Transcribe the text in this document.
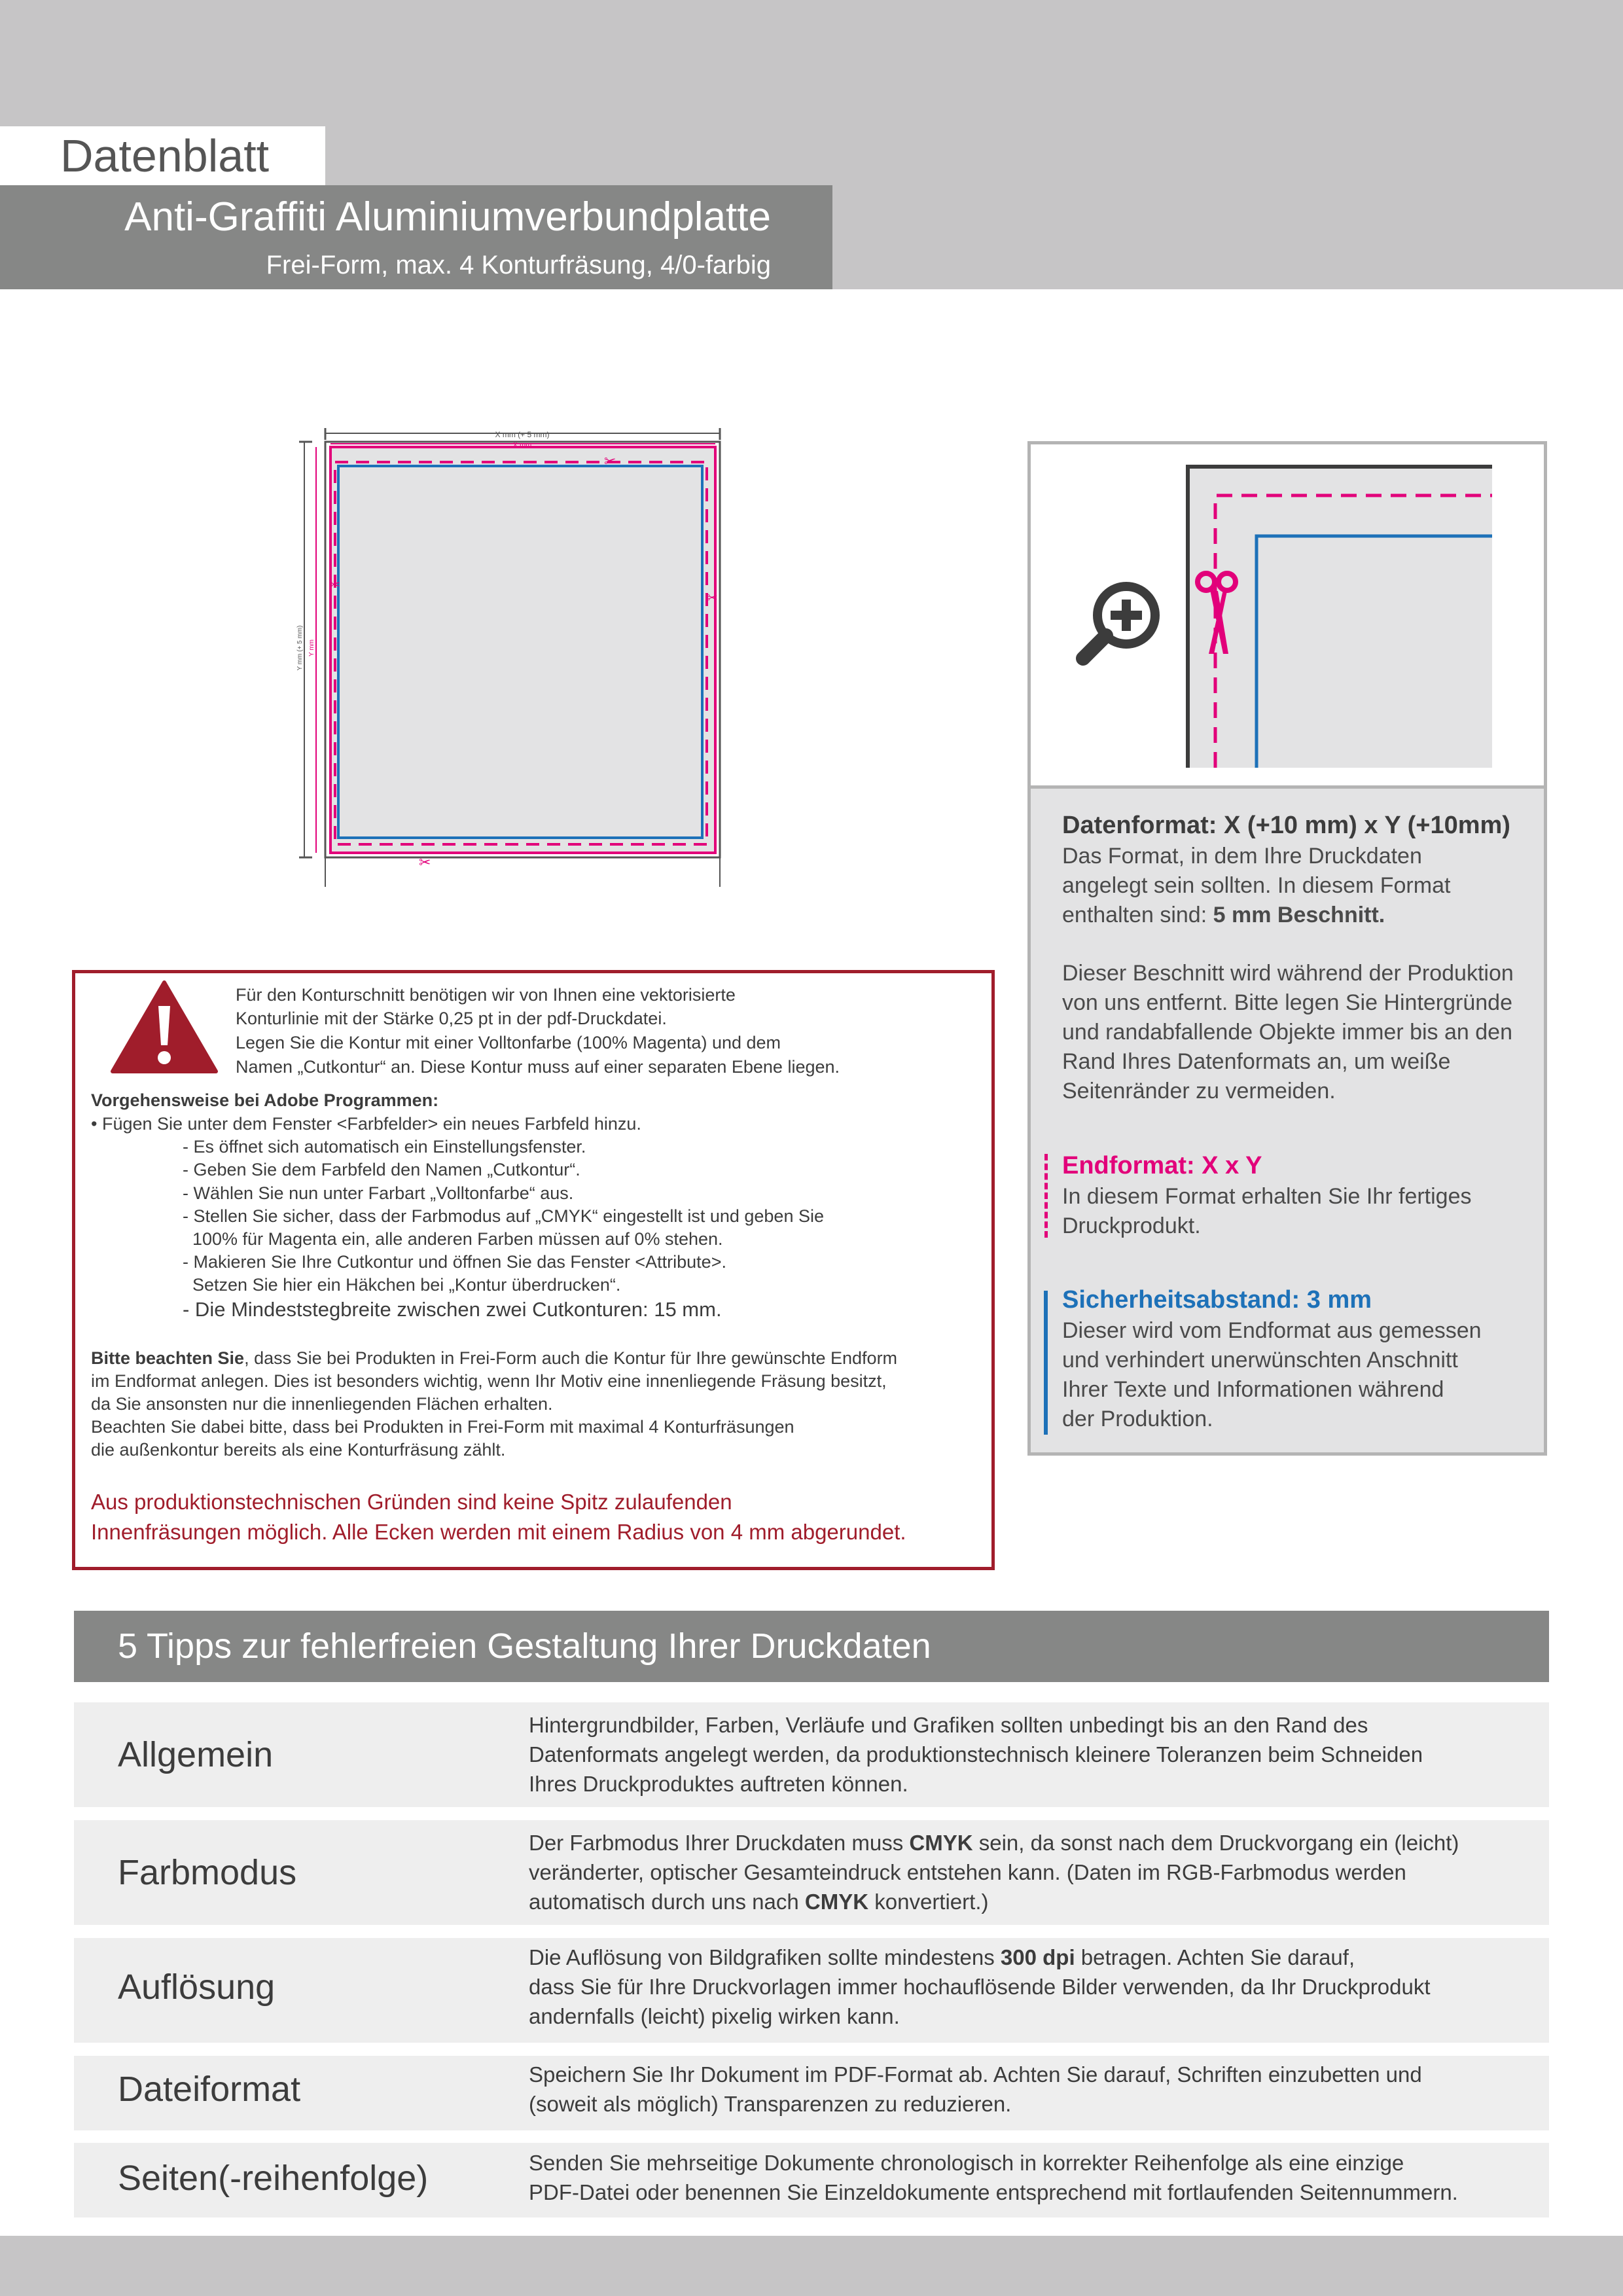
Datenblatt
Anti-Graffiti Aluminiumverbundplatte
Frei-Form, max. 4 Konturfräsung, 4/0-farbig
X mm (+ 5 mm)
X mm
Y mm (+ 5 mm) Y mm
✂
✂
✂
✂
Datenformat: X (+10 mm) x Y (+10mm)
Das Format, in dem Ihre Druckdaten
angelegt sein sollten. In diesem Format
enthalten sind: 5 mm Beschnitt.
Dieser Beschnitt wird während der Produktion
von uns entfernt. Bitte legen Sie Hintergründe
und randabfallende Objekte immer bis an den
Rand Ihres Datenformats an, um weiße
Seitenränder zu vermeiden.
Endformat: X x Y
In diesem Format erhalten Sie Ihr fertiges
Druckprodukt.
Sicherheitsabstand: 3 mm
Dieser wird vom Endformat aus gemessen
und verhindert unerwünschten Anschnitt
Ihrer Texte und Informationen während
der Produktion.
Für den Konturschnitt benötigen wir von Ihnen eine vektorisierte
Konturlinie mit der Stärke 0,25 pt in der pdf-Druckdatei.
Legen Sie die Kontur mit einer Volltonfarbe (100% Magenta) und dem
Namen „Cutkontur“ an. Diese Kontur muss auf einer separaten Ebene liegen.
Vorgehensweise bei Adobe Programmen:
• Fügen Sie unter dem Fenster <Farbfelder> ein neues Farbfeld hinzu.
- Es öffnet sich automatisch ein Einstellungsfenster.
- Geben Sie dem Farbfeld den Namen „Cutkontur“.
- Wählen Sie nun unter Farbart „Volltonfarbe“ aus.
- Stellen Sie sicher, dass der Farbmodus auf „CMYK“ eingestellt ist und geben Sie
100% für Magenta ein, alle anderen Farben müssen auf 0% stehen.
- Makieren Sie Ihre Cutkontur und öffnen Sie das Fenster <Attribute>.
Setzen Sie hier ein Häkchen bei „Kontur überdrucken“.
- Die Mindeststegbreite zwischen zwei Cutkonturen: 15 mm.
Bitte beachten Sie, dass Sie bei Produkten in Frei-Form auch die Kontur für Ihre gewünschte Endform
im Endformat anlegen. Dies ist besonders wichtig, wenn Ihr Motiv eine innenliegende Fräsung besitzt,
da Sie ansonsten nur die innenliegenden Flächen erhalten.
Beachten Sie dabei bitte, dass bei Produkten in Frei-Form mit maximal 4 Konturfräsungen
die außenkontur bereits als eine Konturfräsung zählt.
Aus produktionstechnischen Gründen sind keine Spitz zulaufenden
Innenfräsungen möglich. Alle Ecken werden mit einem Radius von 4 mm abgerundet.
5 Tipps zur fehlerfreien Gestaltung Ihrer Druckdaten
Allgemein
Hintergrundbilder, Farben, Verläufe und Grafiken sollten unbedingt bis an den Rand des
Datenformats angelegt werden, da produktionstechnisch kleinere Toleranzen beim Schneiden
Ihres Druckproduktes auftreten können.
Farbmodus
Der Farbmodus Ihrer Druckdaten muss CMYK sein, da sonst nach dem Druckvorgang ein (leicht)
veränderter, optischer Gesamteindruck entstehen kann. (Daten im RGB-Farbmodus werden
automatisch durch uns nach CMYK konvertiert.)
Auflösung
Die Auflösung von Bildgrafiken sollte mindestens 300 dpi betragen. Achten Sie darauf,
dass Sie für Ihre Druckvorlagen immer hochauflösende Bilder verwenden, da Ihr Druckprodukt
andernfalls (leicht) pixelig wirken kann.
Dateiformat	Speichern Sie Ihr Dokument im PDF-Format ab. Achten Sie darauf, Schriften einzubetten und
(soweit als möglich) Transparenzen zu reduzieren.
Seiten(-reihenfolge)	Senden Sie mehrseitige Dokumente chronologisch in korrekter Reihenfolge als eine einzige
PDF-Datei oder benennen Sie Einzeldokumente entsprechend mit fortlaufenden Seitennummern.
